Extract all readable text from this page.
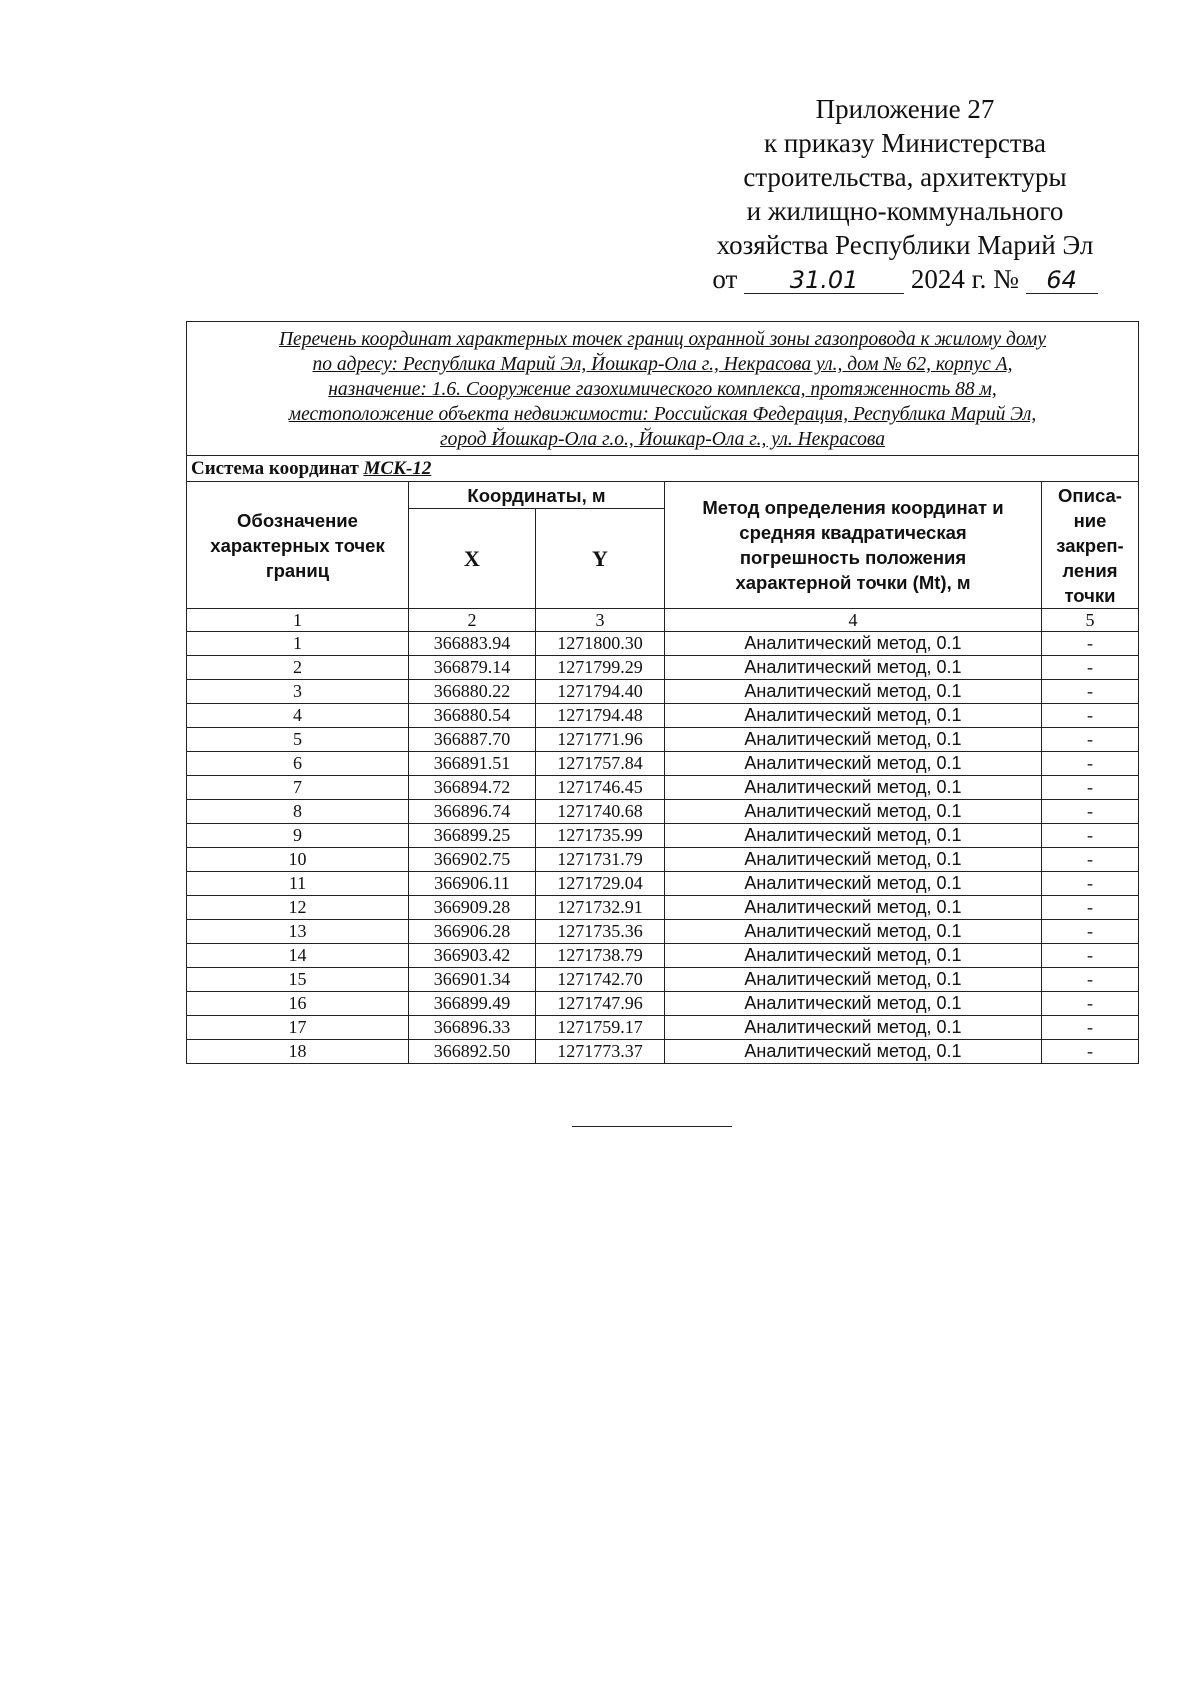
Приложение 27
к приказу Министерства
строительства, архитектуры
и жилищно-коммунального
хозяйства Республики Марий Эл
от 31.01 2024 г. № 64
Перечень координат характерных точек границ охранной зоны газопровода к жилому дому
по адресу: Республика Марий Эл, Йошкар-Ола г., Некрасова ул., дом № 62, корпус А,
назначение: 1.6. Сооружение газохимического комплекса, протяженность 88 м,
местоположение объекта недвижимости: Российская Федерация, Республика Марий Эл,
город Йошкар-Ола г.о., Йошкар-Ола г., ул. Некрасова				

Система координат МСК-12				
Обозначение характерных точек границ	Координаты, м		Метод определения координат и средняя квадратическая погрешность положения характерной точки (Mt), м	Описа-ние закреп-ления точки
	X	Y		
1	2	3	4	5
1	366883.94	1271800.30	Аналитический метод, 0.1	-
2	366879.14	1271799.29	Аналитический метод, 0.1	-
3	366880.22	1271794.40	Аналитический метод, 0.1	-
4	366880.54	1271794.48	Аналитический метод, 0.1	-
5	366887.70	1271771.96	Аналитический метод, 0.1	-
6	366891.51	1271757.84	Аналитический метод, 0.1	-
7	366894.72	1271746.45	Аналитический метод, 0.1	-
8	366896.74	1271740.68	Аналитический метод, 0.1	-
9	366899.25	1271735.99	Аналитический метод, 0.1	-
10	366902.75	1271731.79	Аналитический метод, 0.1	-
11	366906.11	1271729.04	Аналитический метод, 0.1	-
12	366909.28	1271732.91	Аналитический метод, 0.1	-
13	366906.28	1271735.36	Аналитический метод, 0.1	-
14	366903.42	1271738.79	Аналитический метод, 0.1	-
15	366901.34	1271742.70	Аналитический метод, 0.1	-
16	366899.49	1271747.96	Аналитический метод, 0.1	-
17	366896.33	1271759.17	Аналитический метод, 0.1	-
18	366892.50	1271773.37	Аналитический метод, 0.1	-
